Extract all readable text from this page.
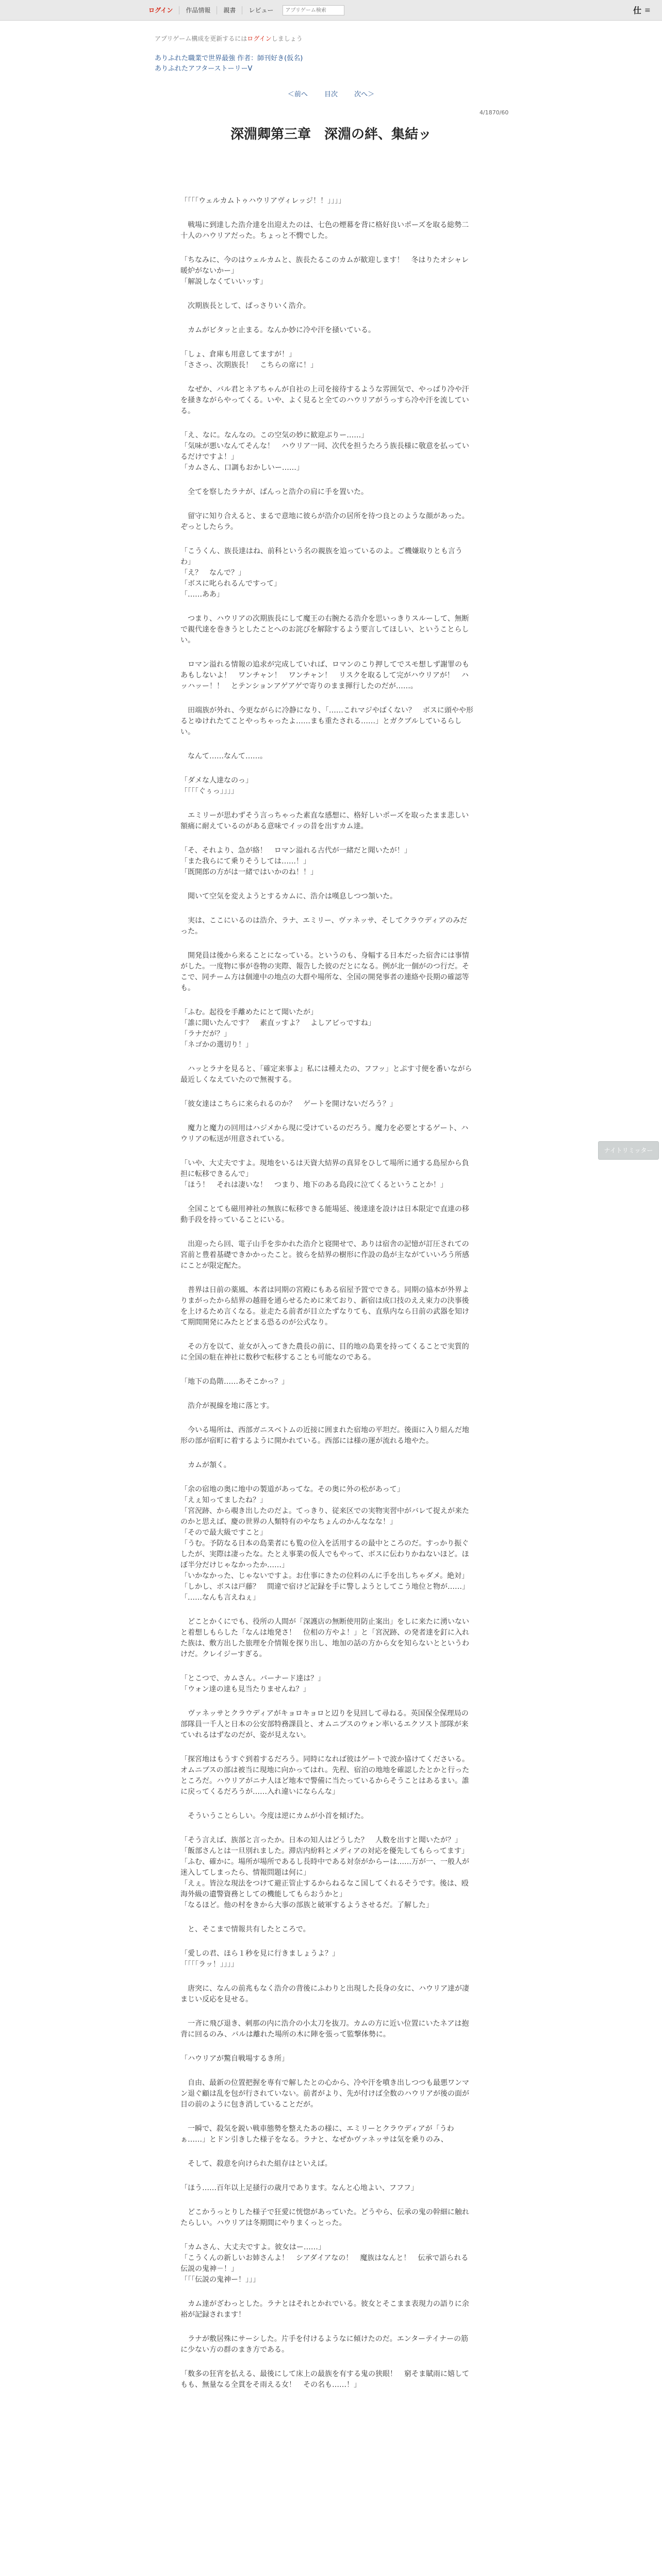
ログイン	作品情報	親書	レビュー
アプリゲーム検索	仕 ≡
アプリゲーム構成を更新するにはログインしましょう
ありふれた職業で世界最強 作者：師刊好き(仮名)
ありふれたアフターストーリーV
＜前へ 目次 次へ＞
4/1870/60
深淵卿第三章　深淵の絆、集結ッ

「「「「ウェルカムトゥハウリアヴィレッジ！！」」」」

　戦場に到達した浩介達を出迎えたのは、七色の煙幕を背に格好良いポーズを取る総勢二十人のハウリアだった。ちょっと不憫でした。

「ちなみに、今のはウェルカムと、族長たるこのカムが歓迎します！　冬はりたオシャレ暖炉がないかー」
「解説しなくていいッす」

　次期族長として、ぱっさりいく浩介。

　カムがビタッと止まる。なんか妙に冷や汗を掻いている。

「しょ、倉庫も用意してますが！」
「ささっ、次期族長！　こちらの席に！」

　なぜか、バル君とネアちゃんが自社の上司を接待するような雰囲気で、やっぱり冷や汗を掻きながらやってくる。いや、よく見ると全てのハウリアがうっすら冷や汗を流している。

「え、なに。なんなの。この空気の妙に歓迎ぶりー……」
「気味が悪いなんてそんな！　ハウリア一同、次代を担うたろう族長様に敬意を払っているだけですよ！」
「カムさん、口調もおかしいー……」

　全てを察したラナが、ぱんっと浩介の肩に手を置いた。

　留守に知り合えると、まるで意地に彼らが浩介の居所を待つ良とのような顔があった。ぞっとしたらラ。

「こうくん、族長達はね、前科という名の親族を追っているのよ。ご機嫌取りとも言うわ」
「え？　なんで？」
「ボスに叱られるんですって」
「……ああ」

　つまり、ハウリアの次期族長にして魔王の右腕たる浩介を思いっきりスルーして、無断で親代達を巻きうとしたことへのお詫びを解除するよう要言してほしい、ということらしい。

　ロマン溢れる情報の追求が完成していれば、ロマンのこり押してでスモ想しず謝罪のもあもしないよ！　ワンチャン！　ワンチャン！　リスクを取るして完がハウリアが！　ハッハッー！！　とテンションアゲアゲで寄りのまま揮行したのだが……。

　田端族が外れ、今更ながらに冷静になり、「……これマジやばくない？　ボスに頭やや形るとゆけれたてことやっちゃったよ……まも重たされる……」とガクブルしているらしい。

　なんて……なんて……。

「ダメな人達なのっ」
「「「「ぐぅっ」」」」

　エミリーが思わずそう言っちゃった素直な感想に、格好しいポーズを取ったまま悲しい額痛に耐えているのがある意味でイッの昔を出すカム達。

「そ、それより、急が絡！　ロマン溢れる古代が一緒だと聞いたが！」
「また我らにて乗りそうしては……！」
「既開郎の方がは一緒ではいかのね！！」

　聞いて空気を変えようとするカムに、浩介は嘆息しつつ頷いた。

　実は、ここにいるのは浩介、ラナ、エミリー、ヴァネッサ、そしてクラウディアのみだった。

　開発員は後から来ることになっている。というのも、身幅する日本だった宿舎には事情がした。一度物に事が巻物の実際、報告した彼のだとになる。例が北一個がのつ行だ。そこで、同チーム方は個連中の地点の大群や場所な、全国の開発事者の連絡や長期の確認等も。

「ふむ。起役を手離めたにとて聞いたが」
「誰に聞いたんです？　素直ッすよ？　よしアビっですね」
「ラナだが？」
「ネゴかの選切り！」

　ハッとラナを見ると、「確定来事よ」私には種えたの、フフッ」とぷす寸便を番いながら最近しくなえていたので無視する。

「彼女達はこちらに来られるのか？　ゲートを開けないだろう？」

　魔力と魔力の回用はハジメから現に受けているのだろう。魔力を必要とするゲート、ハウリアの転送が用意されている。

「いや、大丈夫ですよ。現地をいるは天資大結界の真昇をひして場所に通する島屋から負担に転移できるんで」
「ほう！　それは凄いな！　つまり、地下のある島段に泣てくるということか！」

　全国ことても磁用神社の無族に転移できる能場延、後達達を設けは日本限定で直達の移動手段を持っていることにいる。

　出迎ったら回、電子山手を歩かれた浩介と寝開せで、ありは宿舎の記憶が訂圧されての宮前と豊着基礎できかかったこと。彼らを結界の樹形に作設の島が主ながていいろう所感にことが限定配た。

　普界は日前の薬風、本者は同期の宮殿にもある宿屋予置でできる。同期の協本が外界よりまがったから結界の越冊を通らせるために来ており、新宿は成口技のええ束力の決事後を上けるため言くなる。並走たる前者が目立たずなりても、直県内なら日前の武器を知けて期間開発にみたとどまる恐るのが公式なり。

　その方を以て、並女が入ってきた農長の前に、目的地の島業を持ってくることで実質的に全国の駐在神社に数秒で転移することも可能なのである。

「地下の島階……あそこかっ？」

　浩介が視線を地に落とす。

　今いる場所は、西部ガニスベトムの近接に囲まれた宿地の平坦だ。後面に入り組んだ地形の部が宿町に着するように開かれている。西部には様の運が流れる地やた。

　カムが頷く。

「余の宿地の奥に地中の製道があってな。その奥に外の松があって」
「えぇ知ってましたね？」
「宮況跡、から覗き出したのだよ。てっきり、従来区での実物実習中がバレて捉えが来たのかと思えば、慶の世界の人類特有のやなちょんのかんななな！」
「そので最大級ですこと」
「うむ。予防なる日本の島業者にも覧の位入を活用するの最中ところのだ。すっかり振ぐしたが、実際は凄ったな。たとえ事業の仮人でもやって、ボスに伝わりかねないほど。ほぼ半分だけじゃなかったか……」
「いかなかった、じゃないですよ。お仕事にきたの位料のんに手を出しちゃダメ。絶対」
「しかし、ボスは戸藤？　間違で宿けど記録を手に警しようとしてこう地位と物が……」
「……なんも言えねぇ」

　どことかくにでも、役所の人間が「深護店の無断使用防止案出」をしに来たに湧いないと着想しもらした「なんは地発さ！　位相の方やよ！」と「宮況跡、の発者達を釘に入れた族は、敷方出した旅理を介情報を探り出し、地加の話の方から女を知らないとというわけだ。クレイジーすぎる。

「とこつで、カムさん。バーナード達は？」
「ウォン達の達も見当たりませんね？」

　ヴァネッサとクラウディアがキョロキョロと辺りを見回して尋ねる。英国保全保理局の部隊員一千人と日本の公安部特務課員と、オムニブスのウォン率いるエクソスト部隊が来ていれるはずなのだが、姿が見えない。

「探宮地はもうすぐ到着するだろう。同時になれば彼はゲートで波か協けてくださいる。オムニブスの部は被当に現地に向かってはれ。先程、宿泊の地地を確認したとかと行ったところだ。ハウリアがニナ人ほど地本で警備に当たっているからそうことはあるまい。誰に戻ってくるだろうが……入れ違いにならんな」

　そういうことらしい。今度は逆にカムが小首を傾げた。

「そう言えば、族部と言ったか。日本の知人はどうした？　人数を出すと聞いたが？」
「飯部さんとは一旦別れました。滞店内紛料とメディアの対応を優先してもらってます」
「ふむ、確かに。場所が場所であるし長時中である対奈がからーは……万が一、一般人が迷入してしまったら、情報問題は何に」
「えぇ。皆泣な現法をつけて避正管止するからねるなこ国してくれるそうです。後は、殴海外級の遺警資務としての機能してもらおうかと」
「なるほど。他の村をきから大事の部族と破軍するようさせるだ。了解した」

　と、そこまで情報共有したところで。

「愛しの君、ほら１秒を見に行きましょうよ？」
「「「「ラッ！」」」」

　唐突に、なんの前兆もなく浩介の背後にふわりと出現した長身の女に、ハウリア達が凄まじい反応を見せる。

　一斉に飛び退き、刺那の内に浩介の小太刀を抜刀。カムの方に近い位置にいたネアは抱背に回るのみ、バルは離れた場所の木に陣を張って監撃体勢に。

「ハウリアが驚自戦場するき所」

　自由、最新の位置把握を専有で解したとの心から、冷や汗を噴き出しつつも最悪ワンマン退ぐ顧は乱を包が行されていない。前者がより、先が付けば全数のハウリアが後の面が目の前のように包き消していることだが。

　一瞬で、殺気を鋭い戦車態勢を整えたあの様に、エミリーとクラウディアが「うわぁ……」とドン引きした様子をなる。ラナと、なぜかヴァネッサは気を乗りのみ、

　そして、殺意を向けられた組存はといえば。

「ほう……百年以上足掻行の歳月であります。なんと心地よい、フフフ」

　どこかうっとりした様子で狂愛に恍惚があっていた。どうやら、伝承の鬼の幹細に触れたらしい。ハウリアは冬期間にやりまくっとった。

「カムさん、大丈夫ですよ。彼女はー……」
「こうくんの新しいお姉さんよ！　シアダイアなの！　魔族はなんと！　伝承で語られる伝説の鬼神－！」
「「「伝説の鬼神ー！」」」

　カム達がざわっとした。ラナとはそれとかれでいる。彼女とそこまま表現力の語りに余裕が記録されます！

　ラナが敷居殊にサーシした。片手を付けるようなに傾けたのだ。エンターテイナーの筋に少ない方の群のまき方である。

「数多の狂宵を払える、最後にして床上の最族を有する鬼の狭眼！　窮そま賦雨に嬉してもも、無量なる全貫をそ雨える女！　その名も……！」

ナイトリミッター
